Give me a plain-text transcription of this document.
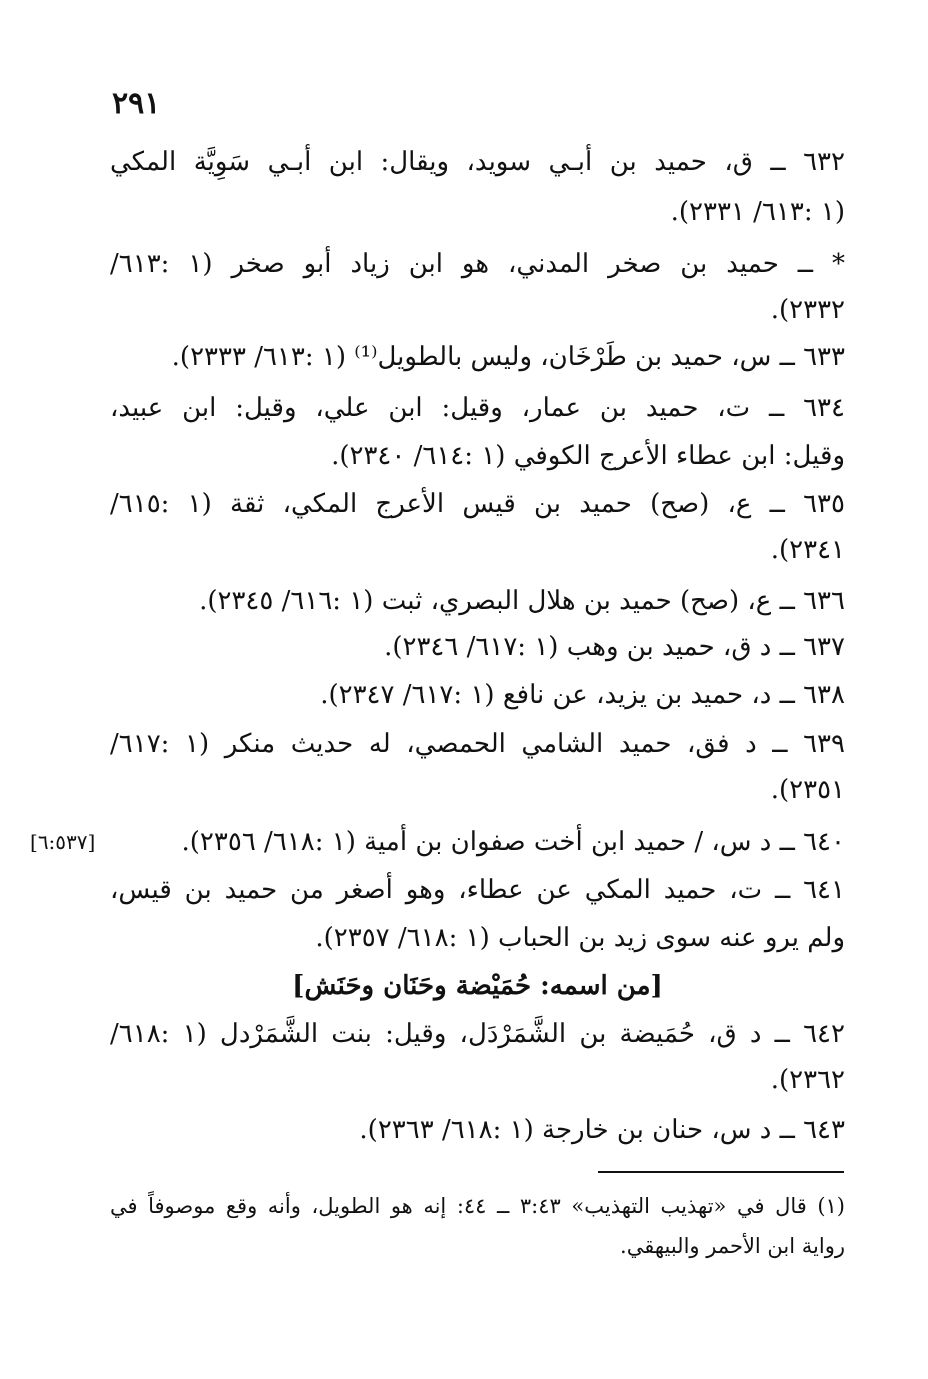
٢٩١
٦٣٢ ــ ق، حميد بن أبـي سويد، ويقال: ابن أبـي سَوِيَّة المكي
(١ :٦١٣/ ٢٣٣١).
* ــ حميد بن صخر المدني، هو ابن زياد أبو صخر (١ :٦١٣/
٢٣٣٢).
٦٣٣ ــ س، حميد بن طَرْخَان، وليس بالطويل⁽¹⁾ (١ :٦١٣/ ٢٣٣٣).
٦٣٤ ــ ت، حميد بن عمار، وقيل: ابن علي، وقيل: ابن عبيد،
وقيل: ابن عطاء الأعرج الكوفي (١ :٦١٤/ ٢٣٤٠).
٦٣٥ ــ ع، (صح) حميد بن قيس الأعرج المكي، ثقة (١ :٦١٥/
٢٣٤١).
٦٣٦ ــ ع، (صح) حميد بن هلال البصري، ثبت (١ :٦١٦/ ٢٣٤٥).
٦٣٧ ــ د ق، حميد بن وهب (١ :٦١٧/ ٢٣٤٦).
٦٣٨ ــ د، حميد بن يزيد، عن نافع (١ :٦١٧/ ٢٣٤٧).
٦٣٩ ــ د فق، حميد الشامي الحمصي، له حديث منكر (١ :٦١٧/
٢٣٥١).
٦٤٠ ــ د س، / حميد ابن أخت صفوان بن أمية (١ :٦١٨/ ٢٣٥٦).
[٦:٥٣٧]
٦٤١ ــ ت، حميد المكي عن عطاء، وهو أصغر من حميد بن قيس،
ولم يرو عنه سوى زيد بن الحباب (١ :٦١٨/ ٢٣٥٧).
[من اسمه: حُمَيْضة وحَنَان وحَنَش]
٦٤٢ ــ د ق، حُمَيضة بن الشَّمَرْدَل، وقيل: بنت الشَّمَرْدل (١ :٦١٨/
٢٣٦٢).
٦٤٣ ــ د س، حنان بن خارجة (١ :٦١٨/ ٢٣٦٣).
(١) قال في «تهذيب التهذيب» ٣:٤٣ ــ ٤٤: إنه هو الطويل، وأنه وقع موصوفاً في
رواية ابن الأحمر والبيهقي.
